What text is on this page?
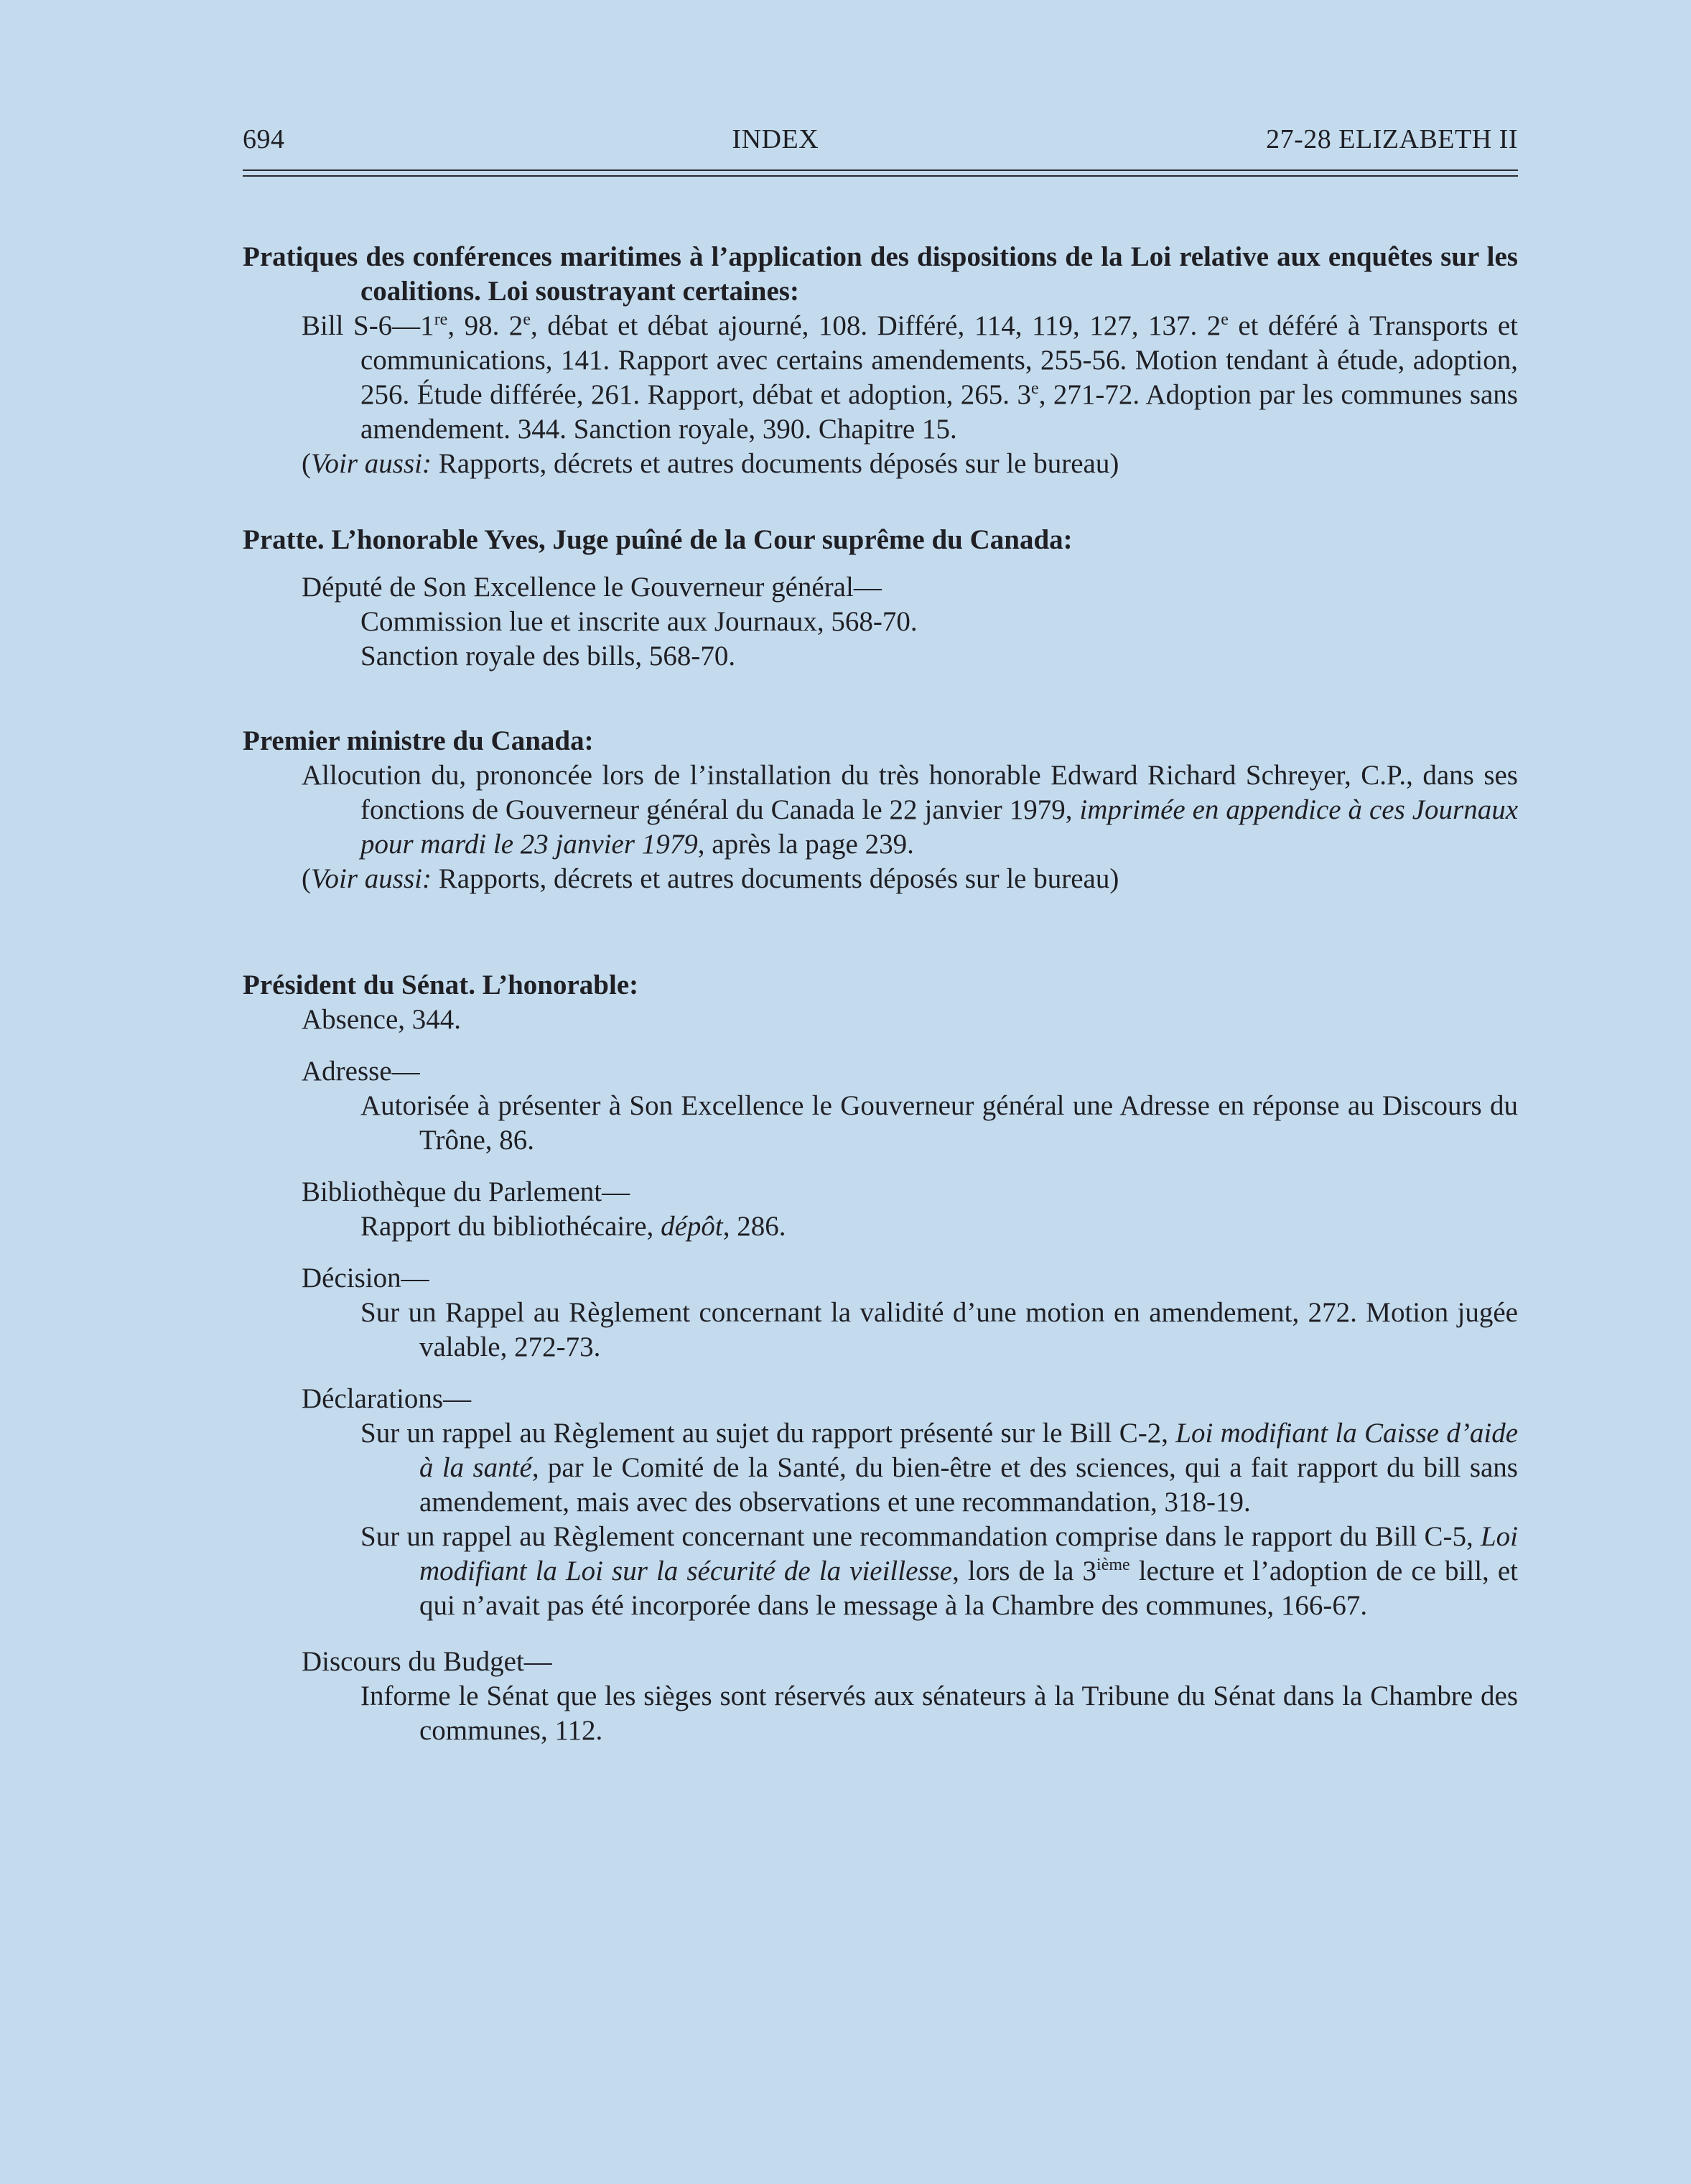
694	INDEX	27-28 ELIZABETH II
Pratiques des conférences maritimes à l’application des dispositions de la Loi relative aux enquêtes sur les coalitions. Loi soustrayant certaines:
Bill S-6—1re, 98. 2e, débat et débat ajourné, 108. Différé, 114, 119, 127, 137. 2e et déféré à Transports et communications, 141. Rapport avec certains amendements, 255-56. Motion tendant à étude, adoption, 256. Étude différée, 261. Rapport, débat et adoption, 265. 3e, 271-72. Adoption par les communes sans amendement. 344. Sanction royale, 390. Chapitre 15.
(Voir aussi: Rapports, décrets et autres documents déposés sur le bureau)
Pratte. L’honorable Yves, Juge puîné de la Cour suprême du Canada:
Député de Son Excellence le Gouverneur général—
Commission lue et inscrite aux Journaux, 568-70.
Sanction royale des bills, 568-70.
Premier ministre du Canada:
Allocution du, prononcée lors de l’installation du très honorable Edward Richard Schreyer, C.P., dans ses fonctions de Gouverneur général du Canada le 22 janvier 1979, imprimée en appendice à ces Journaux pour mardi le 23 janvier 1979, après la page 239.
(Voir aussi: Rapports, décrets et autres documents déposés sur le bureau)
Président du Sénat. L’honorable:
Absence, 344.
Adresse—
Autorisée à présenter à Son Excellence le Gouverneur général une Adresse en réponse au Discours du Trône, 86.
Bibliothèque du Parlement—
Rapport du bibliothécaire, dépôt, 286.
Décision—
Sur un Rappel au Règlement concernant la validité d’une motion en amendement, 272. Motion jugée valable, 272-73.
Déclarations—
Sur un rappel au Règlement au sujet du rapport présenté sur le Bill C-2, Loi modifiant la Caisse d’aide à la santé, par le Comité de la Santé, du bien-être et des sciences, qui a fait rapport du bill sans amendement, mais avec des observations et une recommandation, 318-19.
Sur un rappel au Règlement concernant une recommandation comprise dans le rapport du Bill C-5, Loi modifiant la Loi sur la sécurité de la vieillesse, lors de la 3ième lecture et l’adoption de ce bill, et qui n’avait pas été incorporée dans le message à la Chambre des communes, 166-67.
Discours du Budget—
Informe le Sénat que les sièges sont réservés aux sénateurs à la Tribune du Sénat dans la Chambre des communes, 112.
